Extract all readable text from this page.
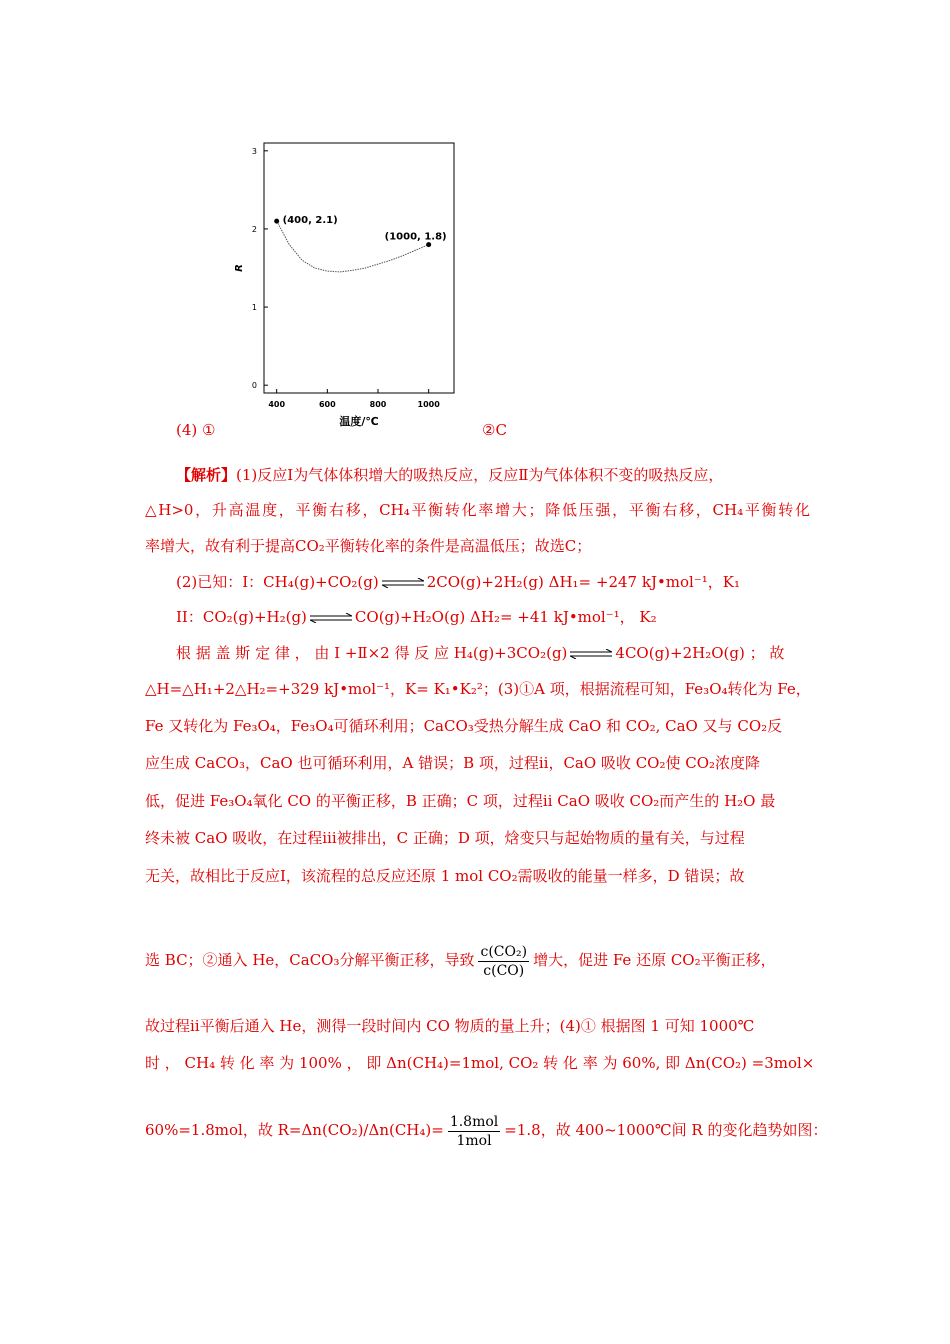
400	600	800	1000
0
1
2
3
温度/℃
R
(400, 2.1)
(1000, 1.8)
(4) ①	②C
【解析】(1)反应Ⅰ为气体体积增大的吸热反应，反应Ⅱ为气体体积不变的吸热反应，
△H>0，升高温度，平衡右移，CH₄平衡转化率增大；降低压强，平衡右移，CH₄平衡转化
率增大，故有利于提高CO₂平衡转化率的条件是高温低压；故选C；
(2)已知：I：CH₄(g)+CO₂(g) ⇌ 2CO(g)+2H₂(g) ΔH₁= +247 kJ•mol⁻¹，K₁
II：CO₂(g)+H₂(g) ⇌ CO(g)+H₂O(g) ΔH₂= +41 kJ•mol⁻¹， K₂
根 据 盖 斯 定 律 ， 由 Ⅰ +Ⅱ×2 得 反 应 H₄(g)+3CO₂(g) ⇌ 4CO(g)+2H₂O(g) ； 故
△H=△H₁+2△H₂=+329 kJ•mol⁻¹，K= K₁•K₂²；(3)①A 项，根据流程可知，Fe₃O₄转化为 Fe，
Fe 又转化为 Fe₃O₄，Fe₃O₄可循环利用；CaCO₃受热分解生成 CaO 和 CO₂, CaO 又与 CO₂反
应生成 CaCO₃，CaO 也可循环利用，A 错误；B 项，过程ⅱ，CaO 吸收 CO₂使 CO₂浓度降
低，促进 Fe₃O₄氧化 CO 的平衡正移，B 正确；C 项，过程ⅱ CaO 吸收 CO₂而产生的 H₂O 最
终未被 CaO 吸收，在过程ⅲ被排出，C 正确；D 项，焓变只与起始物质的量有关，与过程
无关，故相比于反应Ⅰ，该流程的总反应还原 1 mol CO₂需吸收的能量一样多，D 错误；故
选 BC；②通入 He，CaCO₃分解平衡正移，导致 $\frac{\text{c(CO₂)}}{c(CO)}$ 增大，促进 Fe 还原 CO₂平衡正移，
故过程ⅱ平衡后通入 He，测得一段时间内 CO 物质的量上升；(4)① 根据图 1 可知 1000℃
时 ， CH₄ 转 化 率 为 100% ， 即 Δn(CH₄)=1mol, CO₂ 转 化 率 为 60%, 即 Δn(CO₂) =3mol×
60%=1.8mol，故 $R=\Delta n(CO_2)/\Delta n(CH_4)= \frac{\text{1.8mol}}{\text{1mol}} =1.8$，故 400~1000℃间 R 的变化趋势如图：
